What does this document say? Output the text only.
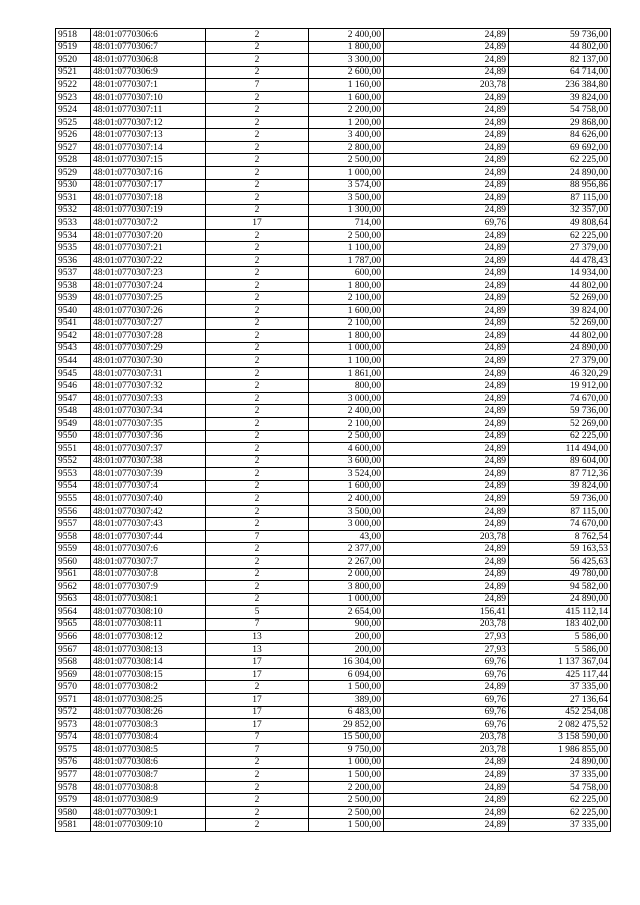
9518	48:01:0770306:6	2	2 400,00	24,89	59 736,00
9519	48:01:0770306:7	2	1 800,00	24,89	44 802,00
9520	48:01:0770306:8	2	3 300,00	24,89	82 137,00
9521	48:01:0770306:9	2	2 600,00	24,89	64 714,00
9522	48:01:0770307:1	7	1 160,00	203,78	236 384,80
9523	48:01:0770307:10	2	1 600,00	24,89	39 824,00
9524	48:01:0770307:11	2	2 200,00	24,89	54 758,00
9525	48:01:0770307:12	2	1 200,00	24,89	29 868,00
9526	48:01:0770307:13	2	3 400,00	24,89	84 626,00
9527	48:01:0770307:14	2	2 800,00	24,89	69 692,00
9528	48:01:0770307:15	2	2 500,00	24,89	62 225,00
9529	48:01:0770307:16	2	1 000,00	24,89	24 890,00
9530	48:01:0770307:17	2	3 574,00	24,89	88 956,86
9531	48:01:0770307:18	2	3 500,00	24,89	87 115,00
9532	48:01:0770307:19	2	1 300,00	24,89	32 357,00
9533	48:01:0770307:2	17	714,00	69,76	49 808,64
9534	48:01:0770307:20	2	2 500,00	24,89	62 225,00
9535	48:01:0770307:21	2	1 100,00	24,89	27 379,00
9536	48:01:0770307:22	2	1 787,00	24,89	44 478,43
9537	48:01:0770307:23	2	600,00	24,89	14 934,00
9538	48:01:0770307:24	2	1 800,00	24,89	44 802,00
9539	48:01:0770307:25	2	2 100,00	24,89	52 269,00
9540	48:01:0770307:26	2	1 600,00	24,89	39 824,00
9541	48:01:0770307:27	2	2 100,00	24,89	52 269,00
9542	48:01:0770307:28	2	1 800,00	24,89	44 802,00
9543	48:01:0770307:29	2	1 000,00	24,89	24 890,00
9544	48:01:0770307:30	2	1 100,00	24,89	27 379,00
9545	48:01:0770307:31	2	1 861,00	24,89	46 320,29
9546	48:01:0770307:32	2	800,00	24,89	19 912,00
9547	48:01:0770307:33	2	3 000,00	24,89	74 670,00
9548	48:01:0770307:34	2	2 400,00	24,89	59 736,00
9549	48:01:0770307:35	2	2 100,00	24,89	52 269,00
9550	48:01:0770307:36	2	2 500,00	24,89	62 225,00
9551	48:01:0770307:37	2	4 600,00	24,89	114 494,00
9552	48:01:0770307:38	2	3 600,00	24,89	89 604,00
9553	48:01:0770307:39	2	3 524,00	24,89	87 712,36
9554	48:01:0770307:4	2	1 600,00	24,89	39 824,00
9555	48:01:0770307:40	2	2 400,00	24,89	59 736,00
9556	48:01:0770307:42	2	3 500,00	24,89	87 115,00
9557	48:01:0770307:43	2	3 000,00	24,89	74 670,00
9558	48:01:0770307:44	7	43,00	203,78	8 762,54
9559	48:01:0770307:6	2	2 377,00	24,89	59 163,53
9560	48:01:0770307:7	2	2 267,00	24,89	56 425,63
9561	48:01:0770307:8	2	2 000,00	24,89	49 780,00
9562	48:01:0770307:9	2	3 800,00	24,89	94 582,00
9563	48:01:0770308:1	2	1 000,00	24,89	24 890,00
9564	48:01:0770308:10	5	2 654,00	156,41	415 112,14
9565	48:01:0770308:11	7	900,00	203,78	183 402,00
9566	48:01:0770308:12	13	200,00	27,93	5 586,00
9567	48:01:0770308:13	13	200,00	27,93	5 586,00
9568	48:01:0770308:14	17	16 304,00	69,76	1 137 367,04
9569	48:01:0770308:15	17	6 094,00	69,76	425 117,44
9570	48:01:0770308:2	2	1 500,00	24,89	37 335,00
9571	48:01:0770308:25	17	389,00	69,76	27 136,64
9572	48:01:0770308:26	17	6 483,00	69,76	452 254,08
9573	48:01:0770308:3	17	29 852,00	69,76	2 082 475,52
9574	48:01:0770308:4	7	15 500,00	203,78	3 158 590,00
9575	48:01:0770308:5	7	9 750,00	203,78	1 986 855,00
9576	48:01:0770308:6	2	1 000,00	24,89	24 890,00
9577	48:01:0770308:7	2	1 500,00	24,89	37 335,00
9578	48:01:0770308:8	2	2 200,00	24,89	54 758,00
9579	48:01:0770308:9	2	2 500,00	24,89	62 225,00
9580	48:01:0770309:1	2	2 500,00	24,89	62 225,00
9581	48:01:0770309:10	2	1 500,00	24,89	37 335,00
